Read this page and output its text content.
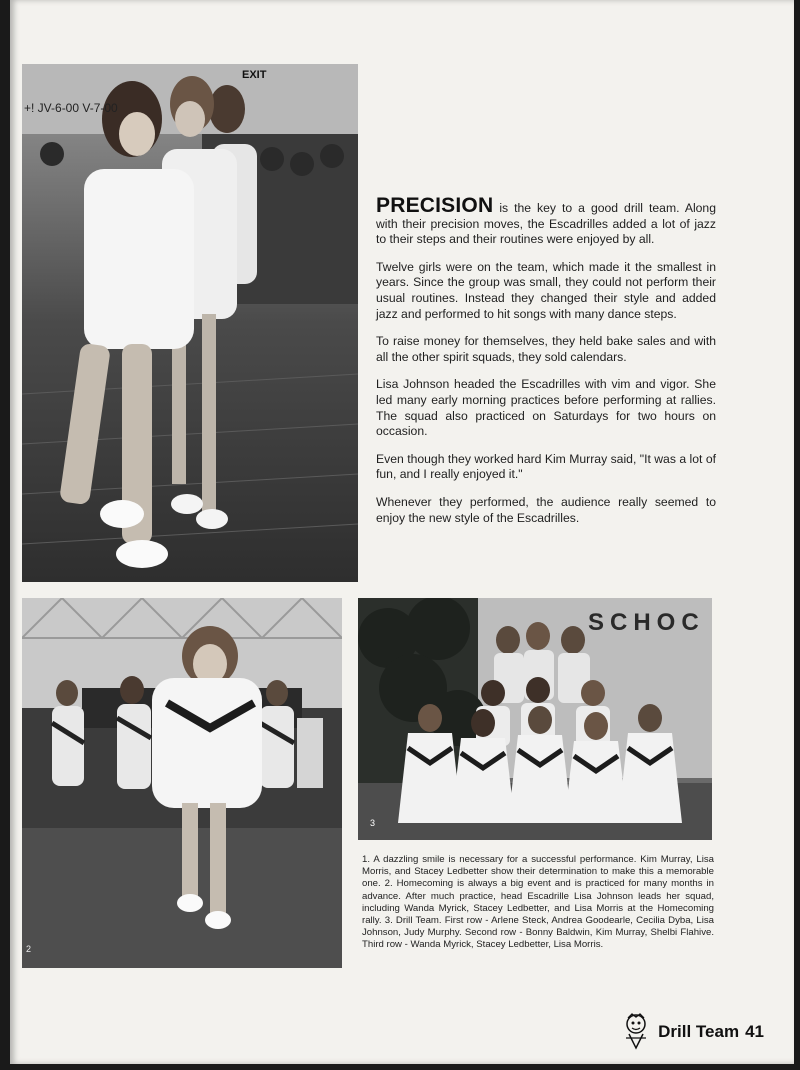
EXIT
+! JV-6-00 V-7-00
2
SCHOC
3

PRECISION is the key to a good drill team. Along with their precision moves, the Escadrilles added a lot of jazz to their steps and their routines were enjoyed by all.

Twelve girls were on the team, which made it the smallest in years. Since the group was small, they could not perform their usual routines. Instead they changed their style and added jazz and performed to hit songs with many dance steps.

To raise money for themselves, they held bake sales and with all the other spirit squads, they sold calendars.

Lisa Johnson headed the Escadrilles with vim and vigor. She led many early morning practices before performing at rallies. The squad also practiced on Saturdays for two hours on occasion.

Even though they worked hard Kim Murray said, "It was a lot of fun, and I really enjoyed it."

Whenever they performed, the audience really seemed to enjoy the new style of the Escadrilles.

1. A dazzling smile is necessary for a successful performance. Kim Murray, Lisa Morris, and Stacey Ledbetter show their determination to make this a memorable one. 2. Homecoming is always a big event and is practiced for many months in advance. After much practice, head Escadrille Lisa Johnson leads her squad, including Wanda Myrick, Stacey Ledbetter, and Lisa Morris at the Homecoming rally. 3. Drill Team. First row - Arlene Steck, Andrea Goodearle, Cecilia Dyba, Lisa Johnson, Judy Murphy. Second row - Bonny Baldwin, Kim Murray, Shelbi Flahive. Third row - Wanda Myrick, Stacey Ledbetter, Lisa Morris.
Drill Team 41
